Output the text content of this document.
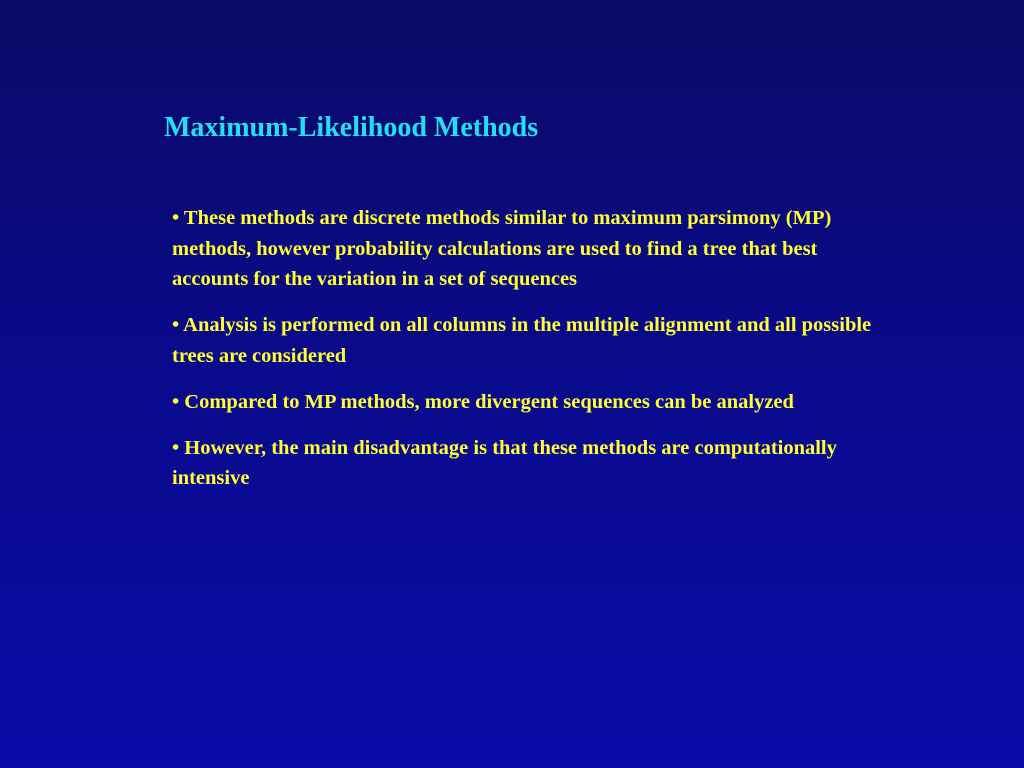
Maximum-Likelihood Methods
• These methods are discrete methods similar to maximum parsimony (MP) methods, however probability calculations are used to find a tree that best accounts for the variation in a set of sequences
• Analysis is performed on all columns in the multiple alignment and all possible trees are considered
• Compared to MP methods, more divergent sequences can be analyzed
• However, the main disadvantage is that these methods are computationally intensive
